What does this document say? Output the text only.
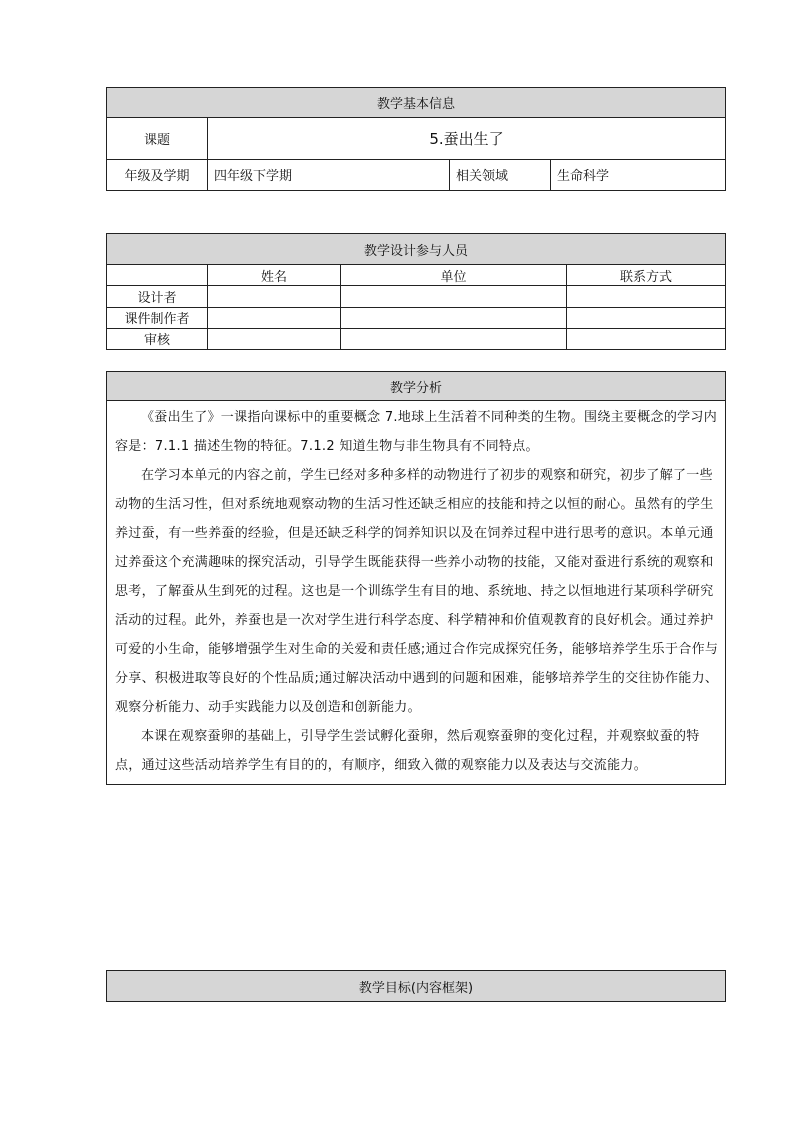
教学基本信息			
课题	5.蚕出生了		
年级及学期	四年级下学期	相关领域	生命科学
教学设计参与人员			
	姓名	单位	联系方式
设计者			
课件制作者			
审核			
教学分析

《蚕出生了》一课指向课标中的重要概念 7.地球上生活着不同种类的生物。围绕主要概念的学习内容是：7.1.1 描述生物的特征。7.1.2 知道生物与非生物具有不同特点。

在学习本单元的内容之前，学生已经对多种多样的动物进行了初步的观察和研究，初步了解了一些动物的生活习性，但对系统地观察动物的生活习性还缺乏相应的技能和持之以恒的耐心。虽然有的学生养过蚕，有一些养蚕的经验，但是还缺乏科学的饲养知识以及在饲养过程中进行思考的意识。本单元通过养蚕这个充满趣味的探究活动，引导学生既能获得一些养小动物的技能，又能对蚕进行系统的观察和思考，了解蚕从生到死的过程。这也是一个训练学生有目的地、系统地、持之以恒地进行某项科学研究活动的过程。此外，养蚕也是一次对学生进行科学态度、科学精神和价值观教育的良好机会。通过养护可爱的小生命，能够增强学生对生命的关爱和责任感;通过合作完成探究任务，能够培养学生乐于合作与分享、积极进取等良好的个性品质;通过解决活动中遇到的问题和困难，能够培养学生的交往协作能力、观察分析能力、动手实践能力以及创造和创新能力。

本课在观察蚕卵的基础上，引导学生尝试孵化蚕卵，然后观察蚕卵的变化过程，并观察蚁蚕的特点，通过这些活动培养学生有目的的，有顺序，细致入微的观察能力以及表达与交流能力。

教学目标(内容框架)
